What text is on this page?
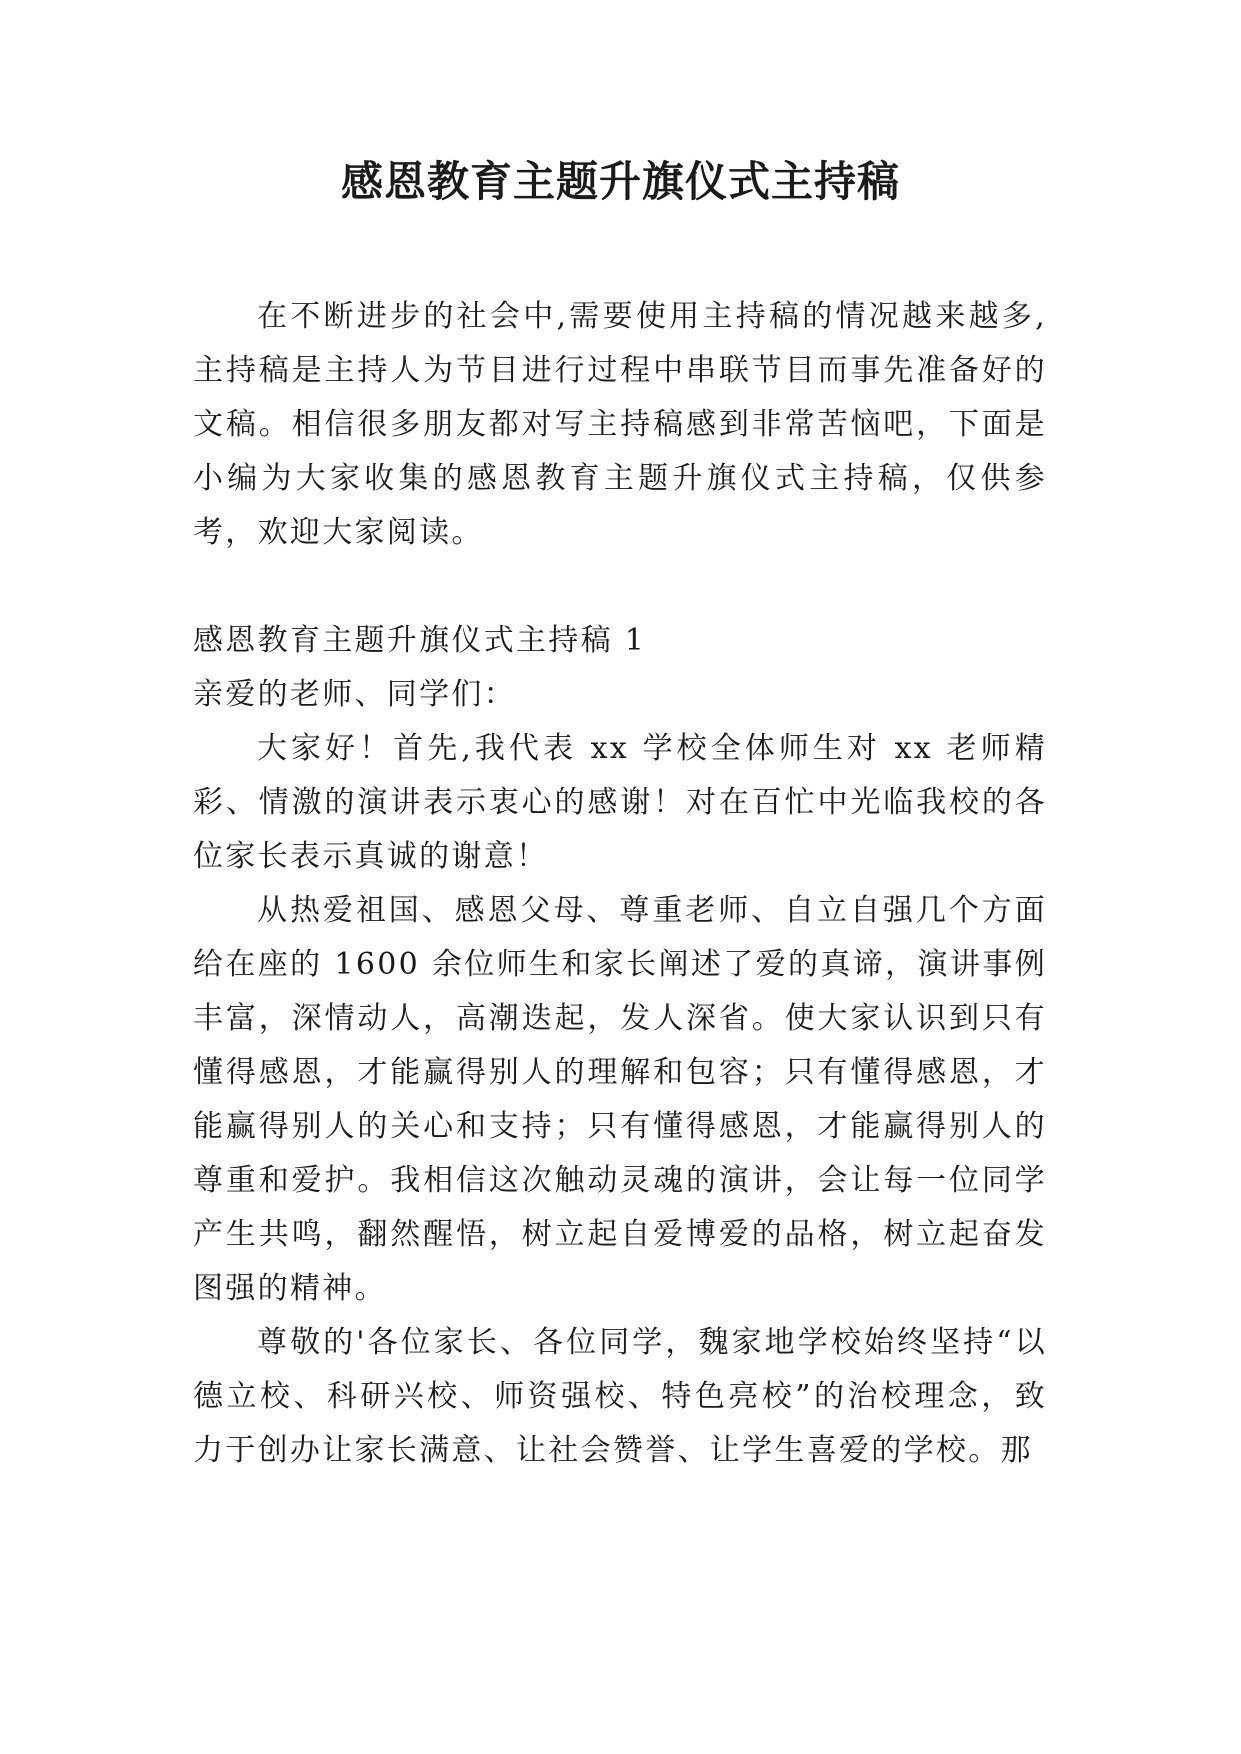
感恩教育主题升旗仪式主持稿

在不断进步的社会中,需要使用主持稿的情况越来越多,主持稿是主持人为节目进行过程中串联节目而事先准备好的文稿。相信很多朋友都对写主持稿感到非常苦恼吧，下面是小编为大家收集的感恩教育主题升旗仪式主持稿，仅供参考，欢迎大家阅读。

感恩教育主题升旗仪式主持稿 1

亲爱的老师、同学们：

大家好！首先,我代表 xx 学校全体师生对 xx 老师精彩、情激的演讲表示衷心的感谢！对在百忙中光临我校的各位家长表示真诚的谢意！

从热爱祖国、感恩父母、尊重老师、自立自强几个方面给在座的 1600 余位师生和家长阐述了爱的真谛，演讲事例丰富，深情动人，高潮迭起，发人深省。使大家认识到只有懂得感恩，才能赢得别人的理解和包容；只有懂得感恩，才能赢得别人的关心和支持；只有懂得感恩，才能赢得别人的尊重和爱护。我相信这次触动灵魂的演讲，会让每一位同学产生共鸣，翻然醒悟，树立起自爱博爱的品格，树立起奋发图强的精神。

尊敬的'各位家长、各位同学，魏家地学校始终坚持“以德立校、科研兴校、师资强校、特色亮校”的治校理念，致力于创办让家长满意、让社会赞誉、让学生喜爱的学校。那
